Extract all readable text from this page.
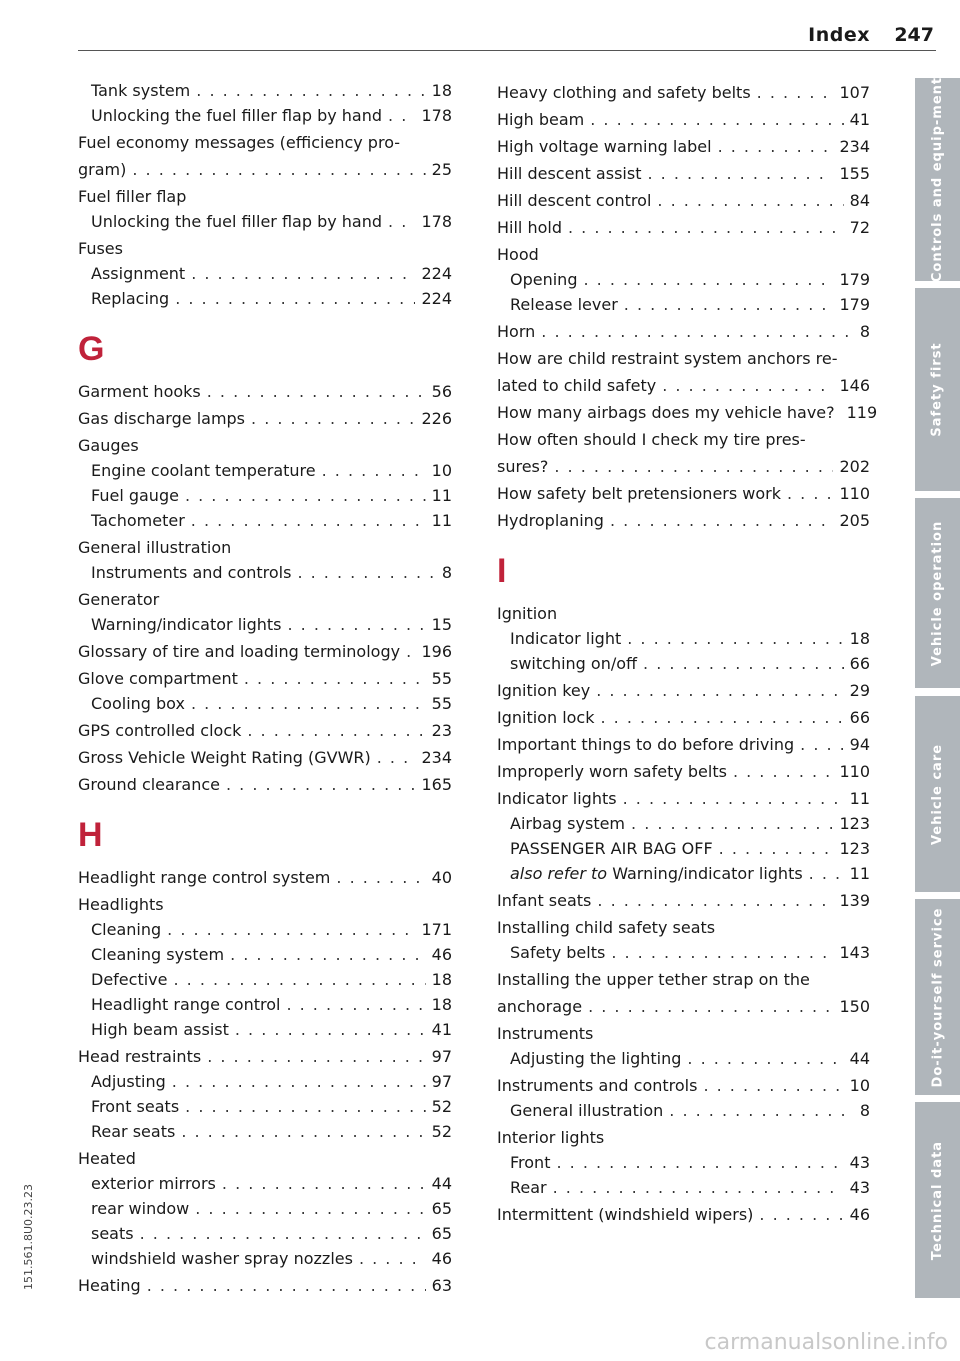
Index 247
Tank system . . .	18
Unlocking the fuel filler flap by hand . . . 178
Fuel economy messages (efficiency pro-
gram) . . .	25
Fuel filler flap
Unlocking the fuel filler flap by hand . . . 178
Fuses
Assignment . . .	224
Replacing . . .	224
G
Garment hooks . . .	56
Gas discharge lamps . . .	226
Gauges
Engine coolant temperature . . .	10
Fuel gauge . . .	11
Tachometer . . .	11
General illustration
Instruments and controls . . .	8
Generator
Warning/indicator lights . . .	15
Glossary of tire and loading terminology . . . 196
Glove compartment . . .	55
Cooling box . . .	55
GPS controlled clock . . .	23
Gross Vehicle Weight Rating (GVWR) . . .	234
Ground clearance . . .	165
H
Headlight range control system . . .	40
Headlights
Cleaning . . .	171
Cleaning system . . .	46
Defective . . .	18
Headlight range control . . .	18
High beam assist . . .	41
Head restraints . . .	97
Adjusting . . .	97
Front seats . . .	52
Rear seats . . .	52
Heated
exterior mirrors . . .	44
rear window . . .	65
seats . . .	65
windshield washer spray nozzles . . .	46
Heating . . .	63
Heavy clothing and safety belts . . .	107
High beam . . .	41
High voltage warning label . . .	234
Hill descent assist . . .	155
Hill descent control . . .	84
Hill hold . . .	72
Hood
Opening . . .	179
Release lever . . .	179
Horn . . .	8
How are child restraint system anchors re-
lated to child safety . . .	146
How many airbags does my vehicle have? 119
How often should I check my tire pres-
sures? . . .	202
How safety belt pretensioners work . . .	110
Hydroplaning . . .	205
I
Ignition
Indicator light . . .	18
switching on/off . . .	66
Ignition key . . .	29
Ignition lock . . .	66
Important things to do before driving . . .	94
Improperly worn safety belts . . .	110
Indicator lights . . .	11
Airbag system . . .	123
PASSENGER AIR BAG OFF . . .	123
also refer to Warning/indicator lights . . .	11
Infant seats . . .	139
Installing child safety seats
Safety belts . . .	143
Installing the upper tether strap on the
anchorage . . .	150
Instruments
Adjusting the lighting . . .	44
Instruments and controls . . .	10
General illustration . . .	8
Interior lights
Front . . .	43
Rear . . .	43
Intermittent (windshield wipers) . . .	46
Controls and equip-ment
Safety first
Vehicle operation
Vehicle care
Do-it-yourself service
Technical data
151.561.8U0.23.23
carmanualsonline.info
